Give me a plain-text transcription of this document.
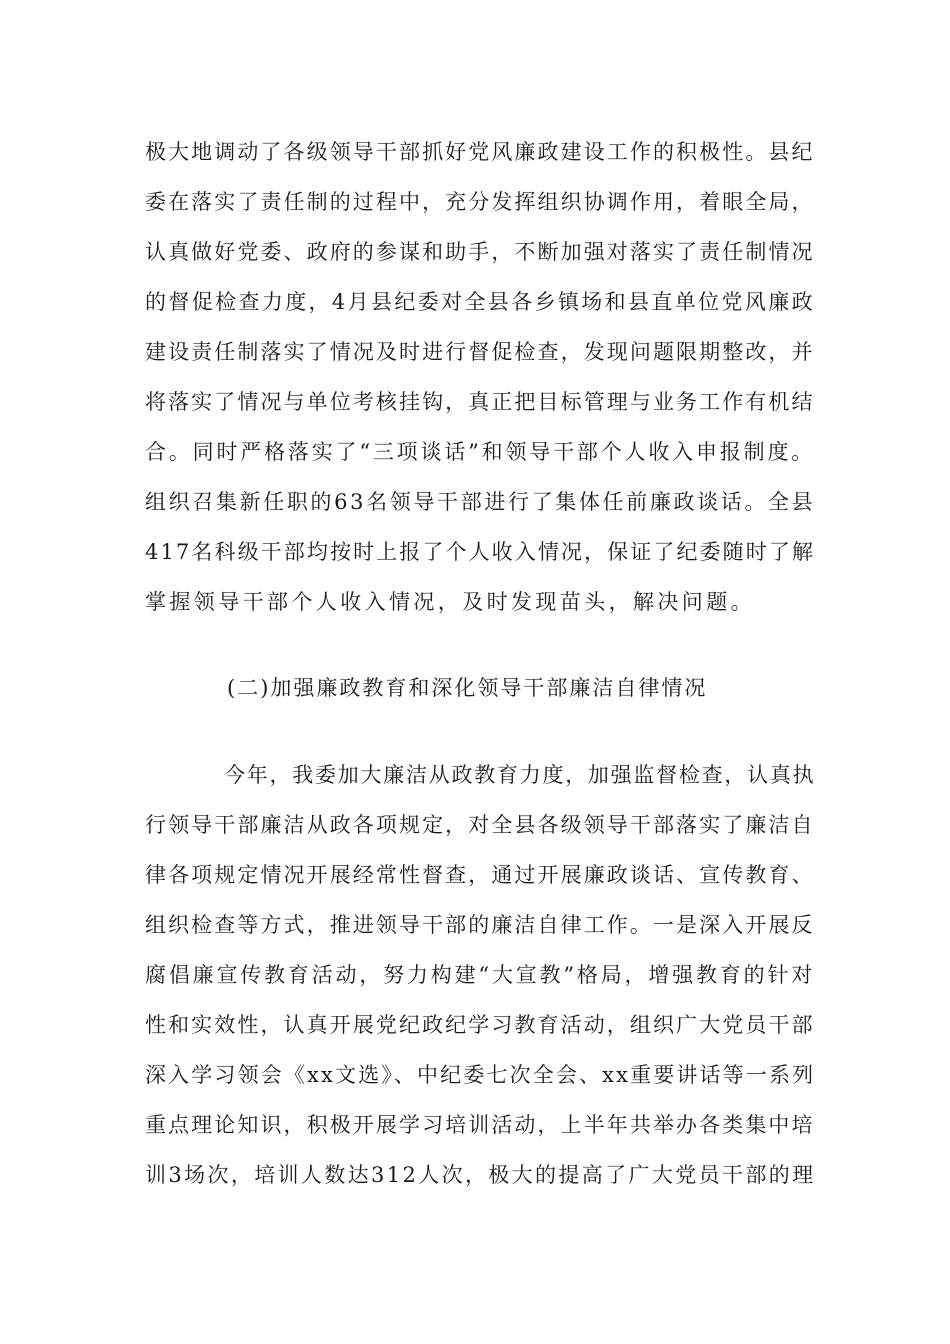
极大地调动了各级领导干部抓好党风廉政建设工作的积极性。县纪
委在落实了责任制的过程中，充分发挥组织协调作用，着眼全局，
认真做好党委、政府的参谋和助手，不断加强对落实了责任制情况
的督促检查力度，4月县纪委对全县各乡镇场和县直单位党风廉政
建设责任制落实了情况及时进行督促检查，发现问题限期整改，并
将落实了情况与单位考核挂钩，真正把目标管理与业务工作有机结
合。同时严格落实了“三项谈话”和领导干部个人收入申报制度。
组织召集新任职的63名领导干部进行了集体任前廉政谈话。全县
417名科级干部均按时上报了个人收入情况，保证了纪委随时了解
掌握领导干部个人收入情况，及时发现苗头，解决问题。
(二)加强廉政教育和深化领导干部廉洁自律情况
今年，我委加大廉洁从政教育力度，加强监督检查，认真执
行领导干部廉洁从政各项规定，对全县各级领导干部落实了廉洁自
律各项规定情况开展经常性督查，通过开展廉政谈话、宣传教育、
组织检查等方式，推进领导干部的廉洁自律工作。一是深入开展反
腐倡廉宣传教育活动，努力构建“大宣教”格局，增强教育的针对
性和实效性，认真开展党纪政纪学习教育活动，组织广大党员干部
深入学习领会《xx文选》、中纪委七次全会、xx重要讲话等一系列
重点理论知识，积极开展学习培训活动，上半年共举办各类集中培
训3场次，培训人数达312人次，极大的提高了广大党员干部的理
